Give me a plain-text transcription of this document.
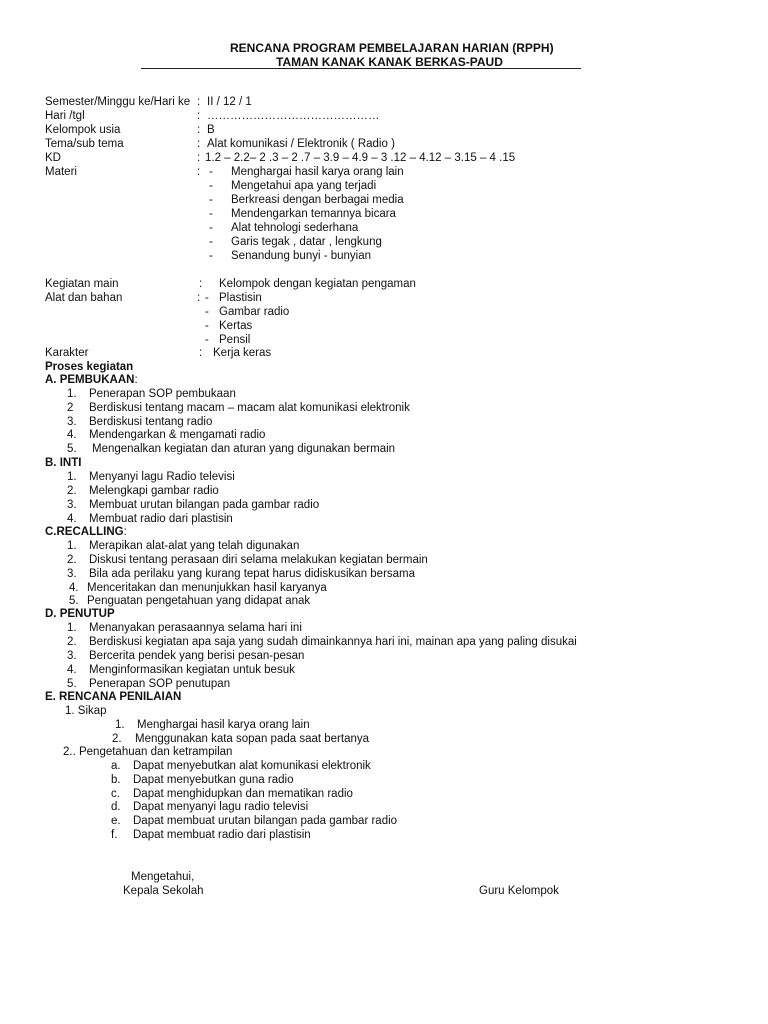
RENCANA PROGRAM PEMBELAJARAN HARIAN (RPPH)
TAMAN KANAK KANAK BERKAS-PAUD
Semester/Minggu ke/Hari ke : II / 12 / 1
Hari /tgl	: ………………………………………
Kelompok usia	: B
Tema/sub tema	: Alat komunikasi / Elektronik ( Radio )
KD	: 1.2 – 2.2– 2 .3 – 2 .7 – 3.9 – 4.9 – 3 .12 – 4.12 – 3.15 – 4 .15
Materi	: - Menghargai hasil karya orang lain
- Mengetahui apa yang terjadi
- Berkreasi dengan berbagai media
- Mendengarkan temannya bicara
- Alat tehnologi sederhana
- Garis tegak , datar , lengkung
- Senandung bunyi - bunyian
Kegiatan main	: Kelompok dengan kegiatan pengaman
Alat dan bahan	: - Plastisin
- Gambar radio
- Kertas
- Pensil
Karakter	: Kerja keras
Proses kegiatan
A. PEMBUKAAN:
1. Penerapan SOP pembukaan
2 Berdiskusi tentang macam – macam alat komunikasi elektronik
3. Berdiskusi tentang radio
4. Mendengarkan & mengamati radio
5. Mengenalkan kegiatan dan aturan yang digunakan bermain
B. INTI
1. Menyanyi lagu Radio televisi
2. Melengkapi gambar radio
3. Membuat urutan bilangan pada gambar radio
4. Membuat radio dari plastisin
C.RECALLING:
1. Merapikan alat-alat yang telah digunakan
2. Diskusi tentang perasaan diri selama melakukan kegiatan bermain
3. Bila ada perilaku yang kurang tepat harus didiskusikan bersama
4. Menceritakan dan menunjukkan hasil karyanya
5. Penguatan pengetahuan yang didapat anak
D. PENUTUP
1. Menanyakan perasaannya selama hari ini
2. Berdiskusi kegiatan apa saja yang sudah dimainkannya hari ini, mainan apa yang paling disukai
3. Bercerita pendek yang berisi pesan-pesan
4. Menginformasikan kegiatan untuk besuk
5. Penerapan SOP penutupan
E. RENCANA PENILAIAN
1. Sikap
1. Menghargai hasil karya orang lain
2. Menggunakan kata sopan pada saat bertanya
2.. Pengetahuan dan ketrampilan
a. Dapat menyebutkan alat komunikasi elektronik
b. Dapat menyebutkan guna radio
c. Dapat menghidupkan dan mematikan radio
d. Dapat menyanyi lagu radio televisi
e. Dapat membuat urutan bilangan pada gambar radio
f. Dapat membuat radio dari plastisin
Mengetahui,
Kepala Sekolah	Guru Kelompok
